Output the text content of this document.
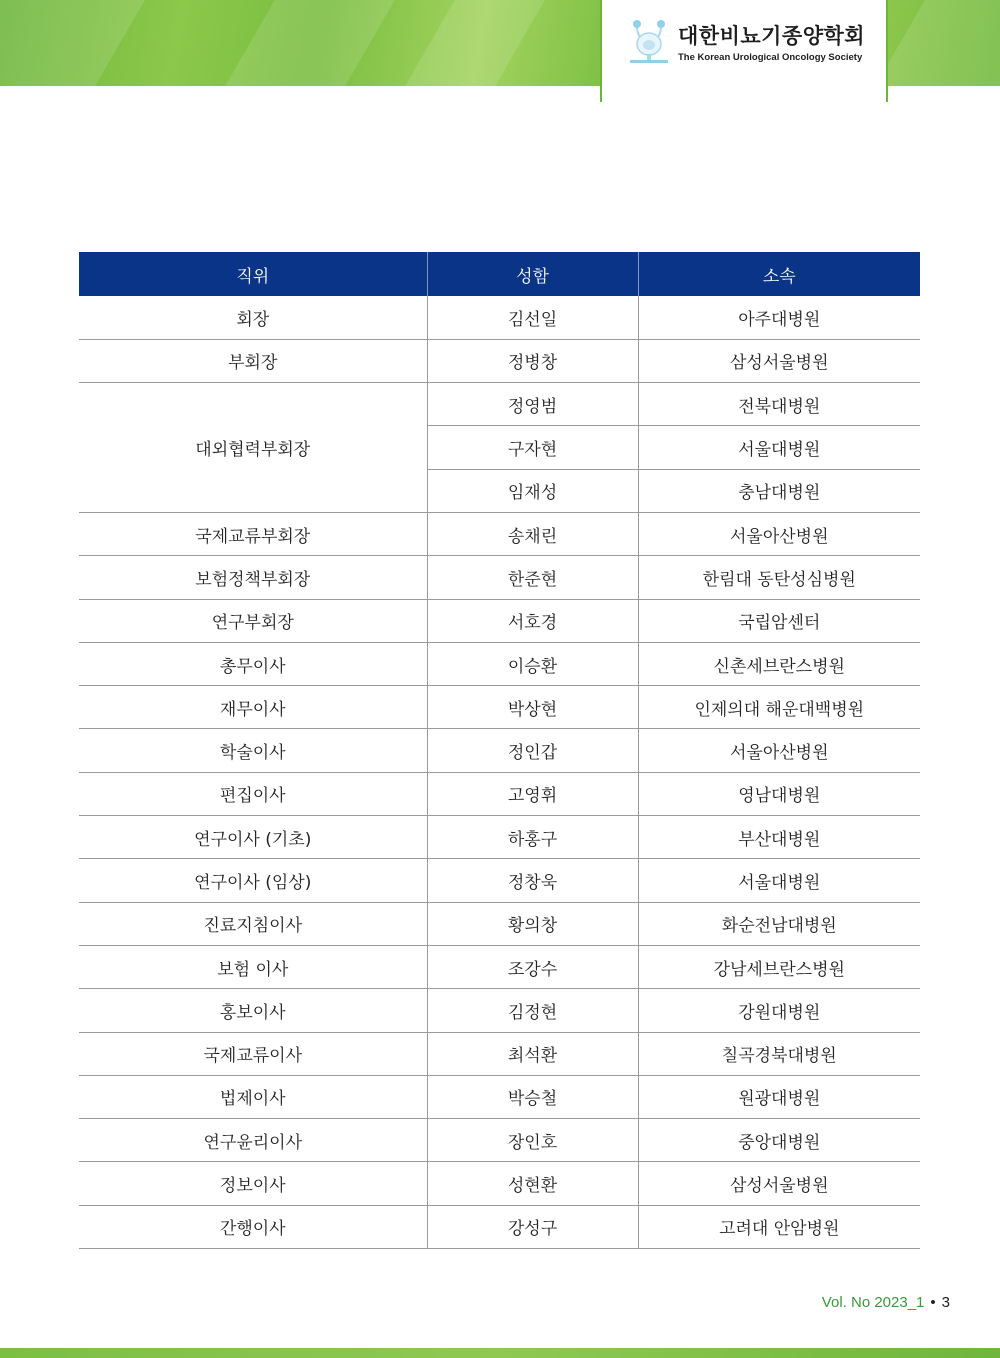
대한비뇨기종양학회
The Korean Urological Oncology Society
직위	성함	소속
회장	김선일	아주대병원
부회장	정병창	삼성서울병원
대외협력부회장	정영범	전북대병원
	구자현	서울대병원
	임재성	충남대병원
국제교류부회장	송채린	서울아산병원
보험정책부회장	한준현	한림대 동탄성심병원
연구부회장	서호경	국립암센터
총무이사	이승환	신촌세브란스병원
재무이사	박상현	인제의대 해운대백병원
학술이사	정인갑	서울아산병원
편집이사	고영휘	영남대병원
연구이사 (기초)	하홍구	부산대병원
연구이사 (임상)	정창욱	서울대병원
진료지침이사	황의창	화순전남대병원
보험 이사	조강수	강남세브란스병원
홍보이사	김정현	강원대병원
국제교류이사	최석환	칠곡경북대병원
법제이사	박승철	원광대병원
연구윤리이사	장인호	중앙대병원
정보이사	성현환	삼성서울병원
간행이사	강성구	고려대 안암병원
Vol. No 2023_1 • 3
